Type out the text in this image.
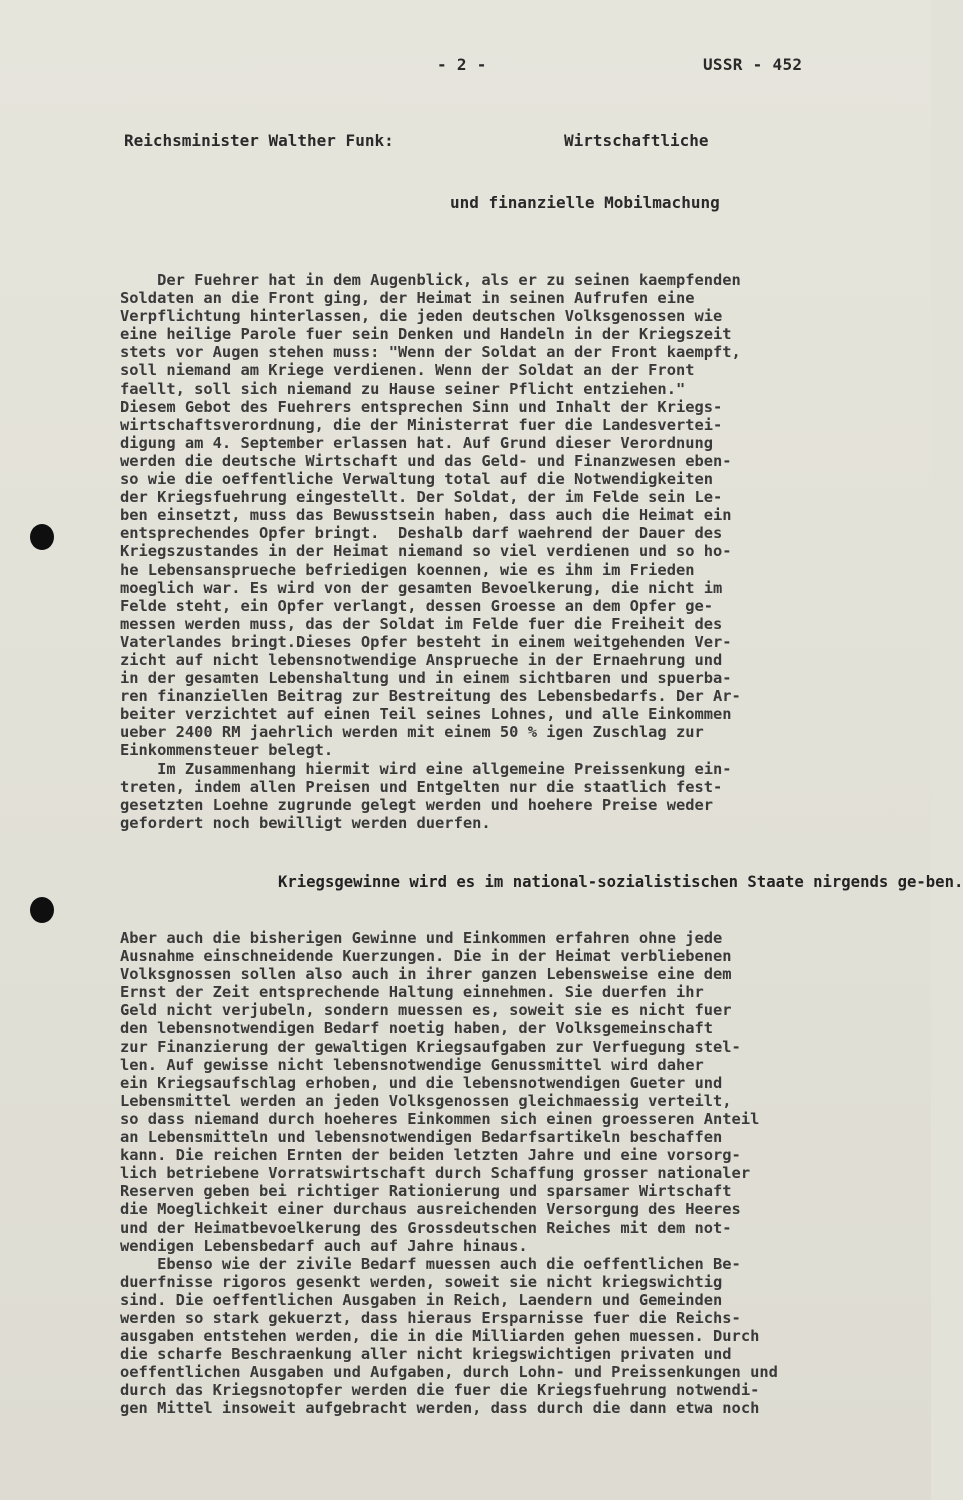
- 2 -	USSR - 452
Reichsminister Walther Funk:	Wirtschaftliche
und finanzielle Mobilmachung
Der Fuehrer hat in dem Augenblick, als er zu seinen kaempfenden
Soldaten an die Front ging, der Heimat in seinen Aufrufen eine
Verpflichtung hinterlassen, die jeden deutschen Volksgenossen wie
eine heilige Parole fuer sein Denken und Handeln in der Kriegszeit
stets vor Augen stehen muss: "Wenn der Soldat an der Front kaempft,
soll niemand am Kriege verdienen. Wenn der Soldat an der Front
faellt, soll sich niemand zu Hause seiner Pflicht entziehen."
Diesem Gebot des Fuehrers entsprechen Sinn und Inhalt der Kriegs-
wirtschaftsverordnung, die der Ministerrat fuer die Landesvertei-
digung am 4. September erlassen hat. Auf Grund dieser Verordnung
werden die deutsche Wirtschaft und das Geld- und Finanzwesen eben-
so wie die oeffentliche Verwaltung total auf die Notwendigkeiten
der Kriegsfuehrung eingestellt. Der Soldat, der im Felde sein Le-
ben einsetzt, muss das Bewusstsein haben, dass auch die Heimat ein
entsprechendes Opfer bringt.  Deshalb darf waehrend der Dauer des
Kriegszustandes in der Heimat niemand so viel verdienen und so ho-
he Lebensansprueche befriedigen koennen, wie es ihm im Frieden
moeglich war. Es wird von der gesamten Bevoelkerung, die nicht im
Felde steht, ein Opfer verlangt, dessen Groesse an dem Opfer ge-
messen werden muss, das der Soldat im Felde fuer die Freiheit des
Vaterlandes bringt.Dieses Opfer besteht in einem weitgehenden Ver-
zicht auf nicht lebensnotwendige Ansprueche in der Ernaehrung und
in der gesamten Lebenshaltung und in einem sichtbaren und spuerba-
ren finanziellen Beitrag zur Bestreitung des Lebensbedarfs. Der Ar-
beiter verzichtet auf einen Teil seines Lohnes, und alle Einkommen
ueber 2400 RM jaehrlich werden mit einem 50 % igen Zuschlag zur
Einkommensteuer belegt.
Im Zusammenhang hiermit wird eine allgemeine Preissenkung ein-
treten, indem allen Preisen und Entgelten nur die staatlich fest-
gesetzten Loehne zugrunde gelegt werden und hoehere Preise weder
gefordert noch bewilligt werden duerfen.
Kriegsgewinne wird es im national-sozialistischen Staate nirgends ge-ben.
Aber auch die bisherigen Gewinne und Einkommen erfahren ohne jede
Ausnahme einschneidende Kuerzungen. Die in der Heimat verbliebenen
Volksgnossen sollen also auch in ihrer ganzen Lebensweise eine dem
Ernst der Zeit entsprechende Haltung einnehmen. Sie duerfen ihr
Geld nicht verjubeln, sondern muessen es, soweit sie es nicht fuer
den lebensnotwendigen Bedarf noetig haben, der Volksgemeinschaft
zur Finanzierung der gewaltigen Kriegsaufgaben zur Verfuegung stel-
len. Auf gewisse nicht lebensnotwendige Genussmittel wird daher
ein Kriegsaufschlag erhoben, und die lebensnotwendigen Gueter und
Lebensmittel werden an jeden Volksgenossen gleichmaessig verteilt,
so dass niemand durch hoeheres Einkommen sich einen groesseren Anteil
an Lebensmitteln und lebensnotwendigen Bedarfsartikeln beschaffen
kann. Die reichen Ernten der beiden letzten Jahre und eine vorsorg-
lich betriebene Vorratswirtschaft durch Schaffung grosser nationaler
Reserven geben bei richtiger Rationierung und sparsamer Wirtschaft
die Moeglichkeit einer durchaus ausreichenden Versorgung des Heeres
und der Heimatbevoelkerung des Grossdeutschen Reiches mit dem not-
wendigen Lebensbedarf auch auf Jahre hinaus.
Ebenso wie der zivile Bedarf muessen auch die oeffentlichen Be-
duerfnisse rigoros gesenkt werden, soweit sie nicht kriegswichtig
sind. Die oeffentlichen Ausgaben in Reich, Laendern und Gemeinden
werden so stark gekuerzt, dass hieraus Ersparnisse fuer die Reichs-
ausgaben entstehen werden, die in die Milliarden gehen muessen. Durch
die scharfe Beschraenkung aller nicht kriegswichtigen privaten und
oeffentlichen Ausgaben und Aufgaben, durch Lohn- und Preissenkungen und
durch das Kriegsnotopfer werden die fuer die Kriegsfuehrung notwendi-
gen Mittel insoweit aufgebracht werden, dass durch die dann etwa noch
